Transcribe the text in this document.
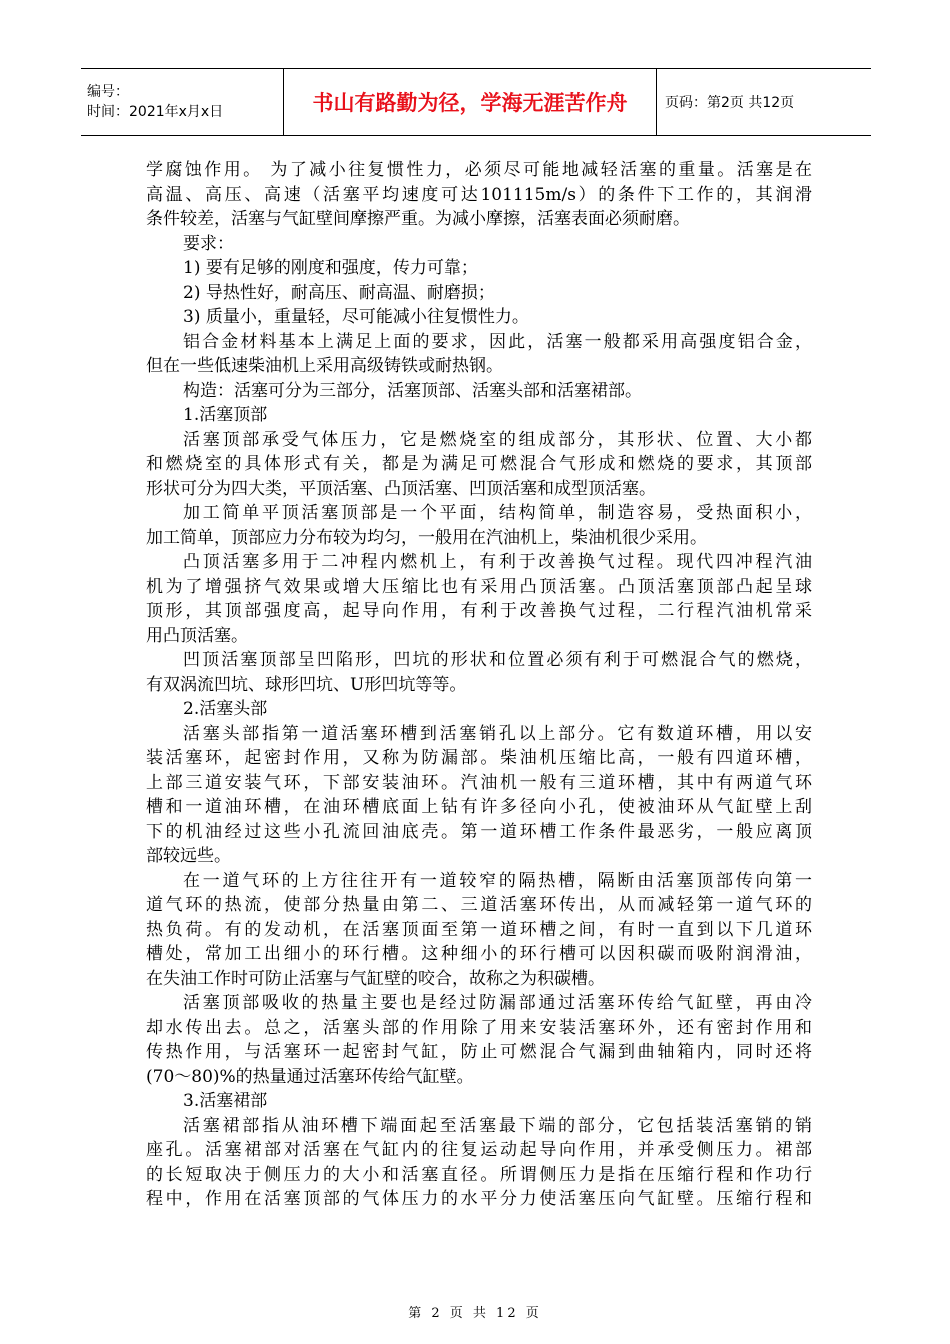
编号：
时间：2021年x月x日	书山有路勤为径，学海无涯苦作舟	页码：第2页 共12页
学腐蚀作用。 为了减小往复惯性力，必须尽可能地减轻活塞的重量。活塞是在
高温、高压、高速（活塞平均速度可达101115m/s）的条件下工作的，其润滑
条件较差，活塞与气缸壁间摩擦严重。为减小摩擦，活塞表面必须耐磨。
要求：
1) 要有足够的刚度和强度，传力可靠；
2) 导热性好，耐高压、耐高温、耐磨损；
3) 质量小，重量轻，尽可能减小往复惯性力。
铝合金材料基本上满足上面的要求，因此，活塞一般都采用高强度铝合金，
但在一些低速柴油机上采用高级铸铁或耐热钢。
构造：活塞可分为三部分，活塞顶部、活塞头部和活塞裙部。
1.活塞顶部
活塞顶部承受气体压力，它是燃烧室的组成部分，其形状、位置、大小都
和燃烧室的具体形式有关，都是为满足可燃混合气形成和燃烧的要求，其顶部
形状可分为四大类，平顶活塞、凸顶活塞、凹顶活塞和成型顶活塞。
加工简单平顶活塞顶部是一个平面，结构简单，制造容易，受热面积小，
加工简单，顶部应力分布较为均匀，一般用在汽油机上，柴油机很少采用。
凸顶活塞多用于二冲程内燃机上，有利于改善换气过程。现代四冲程汽油
机为了增强挤气效果或增大压缩比也有采用凸顶活塞。凸顶活塞顶部凸起呈球
顶形，其顶部强度高，起导向作用，有利于改善换气过程，二行程汽油机常采
用凸顶活塞。
凹顶活塞顶部呈凹陷形，凹坑的形状和位置必须有利于可燃混合气的燃烧，
有双涡流凹坑、球形凹坑、U形凹坑等等。
2.活塞头部
活塞头部指第一道活塞环槽到活塞销孔以上部分。它有数道环槽，用以安
装活塞环，起密封作用，又称为防漏部。柴油机压缩比高，一般有四道环槽，
上部三道安装气环，下部安装油环。汽油机一般有三道环槽，其中有两道气环
槽和一道油环槽，在油环槽底面上钻有许多径向小孔，使被油环从气缸壁上刮
下的机油经过这些小孔流回油底壳。第一道环槽工作条件最恶劣，一般应离顶
部较远些。
在一道气环的上方往往开有一道较窄的隔热槽，隔断由活塞顶部传向第一
道气环的热流，使部分热量由第二、三道活塞环传出，从而减轻第一道气环的
热负荷。有的发动机，在活塞顶面至第一道环槽之间，有时一直到以下几道环
槽处，常加工出细小的环行槽。这种细小的环行槽可以因积碳而吸附润滑油，
在失油工作时可防止活塞与气缸壁的咬合，故称之为积碳槽。
活塞顶部吸收的热量主要也是经过防漏部通过活塞环传给气缸壁，再由冷
却水传出去。总之，活塞头部的作用除了用来安装活塞环外，还有密封作用和
传热作用，与活塞环一起密封气缸，防止可燃混合气漏到曲轴箱内，同时还将
(70～80)%的热量通过活塞环传给气缸壁。
3.活塞裙部
活塞裙部指从油环槽下端面起至活塞最下端的部分，它包括装活塞销的销
座孔。活塞裙部对活塞在气缸内的往复运动起导向作用，并承受侧压力。裙部
的长短取决于侧压力的大小和活塞直径。所谓侧压力是指在压缩行程和作功行
程中，作用在活塞顶部的气体压力的水平分力使活塞压向气缸壁。压缩行程和
第 2 页 共 12 页
